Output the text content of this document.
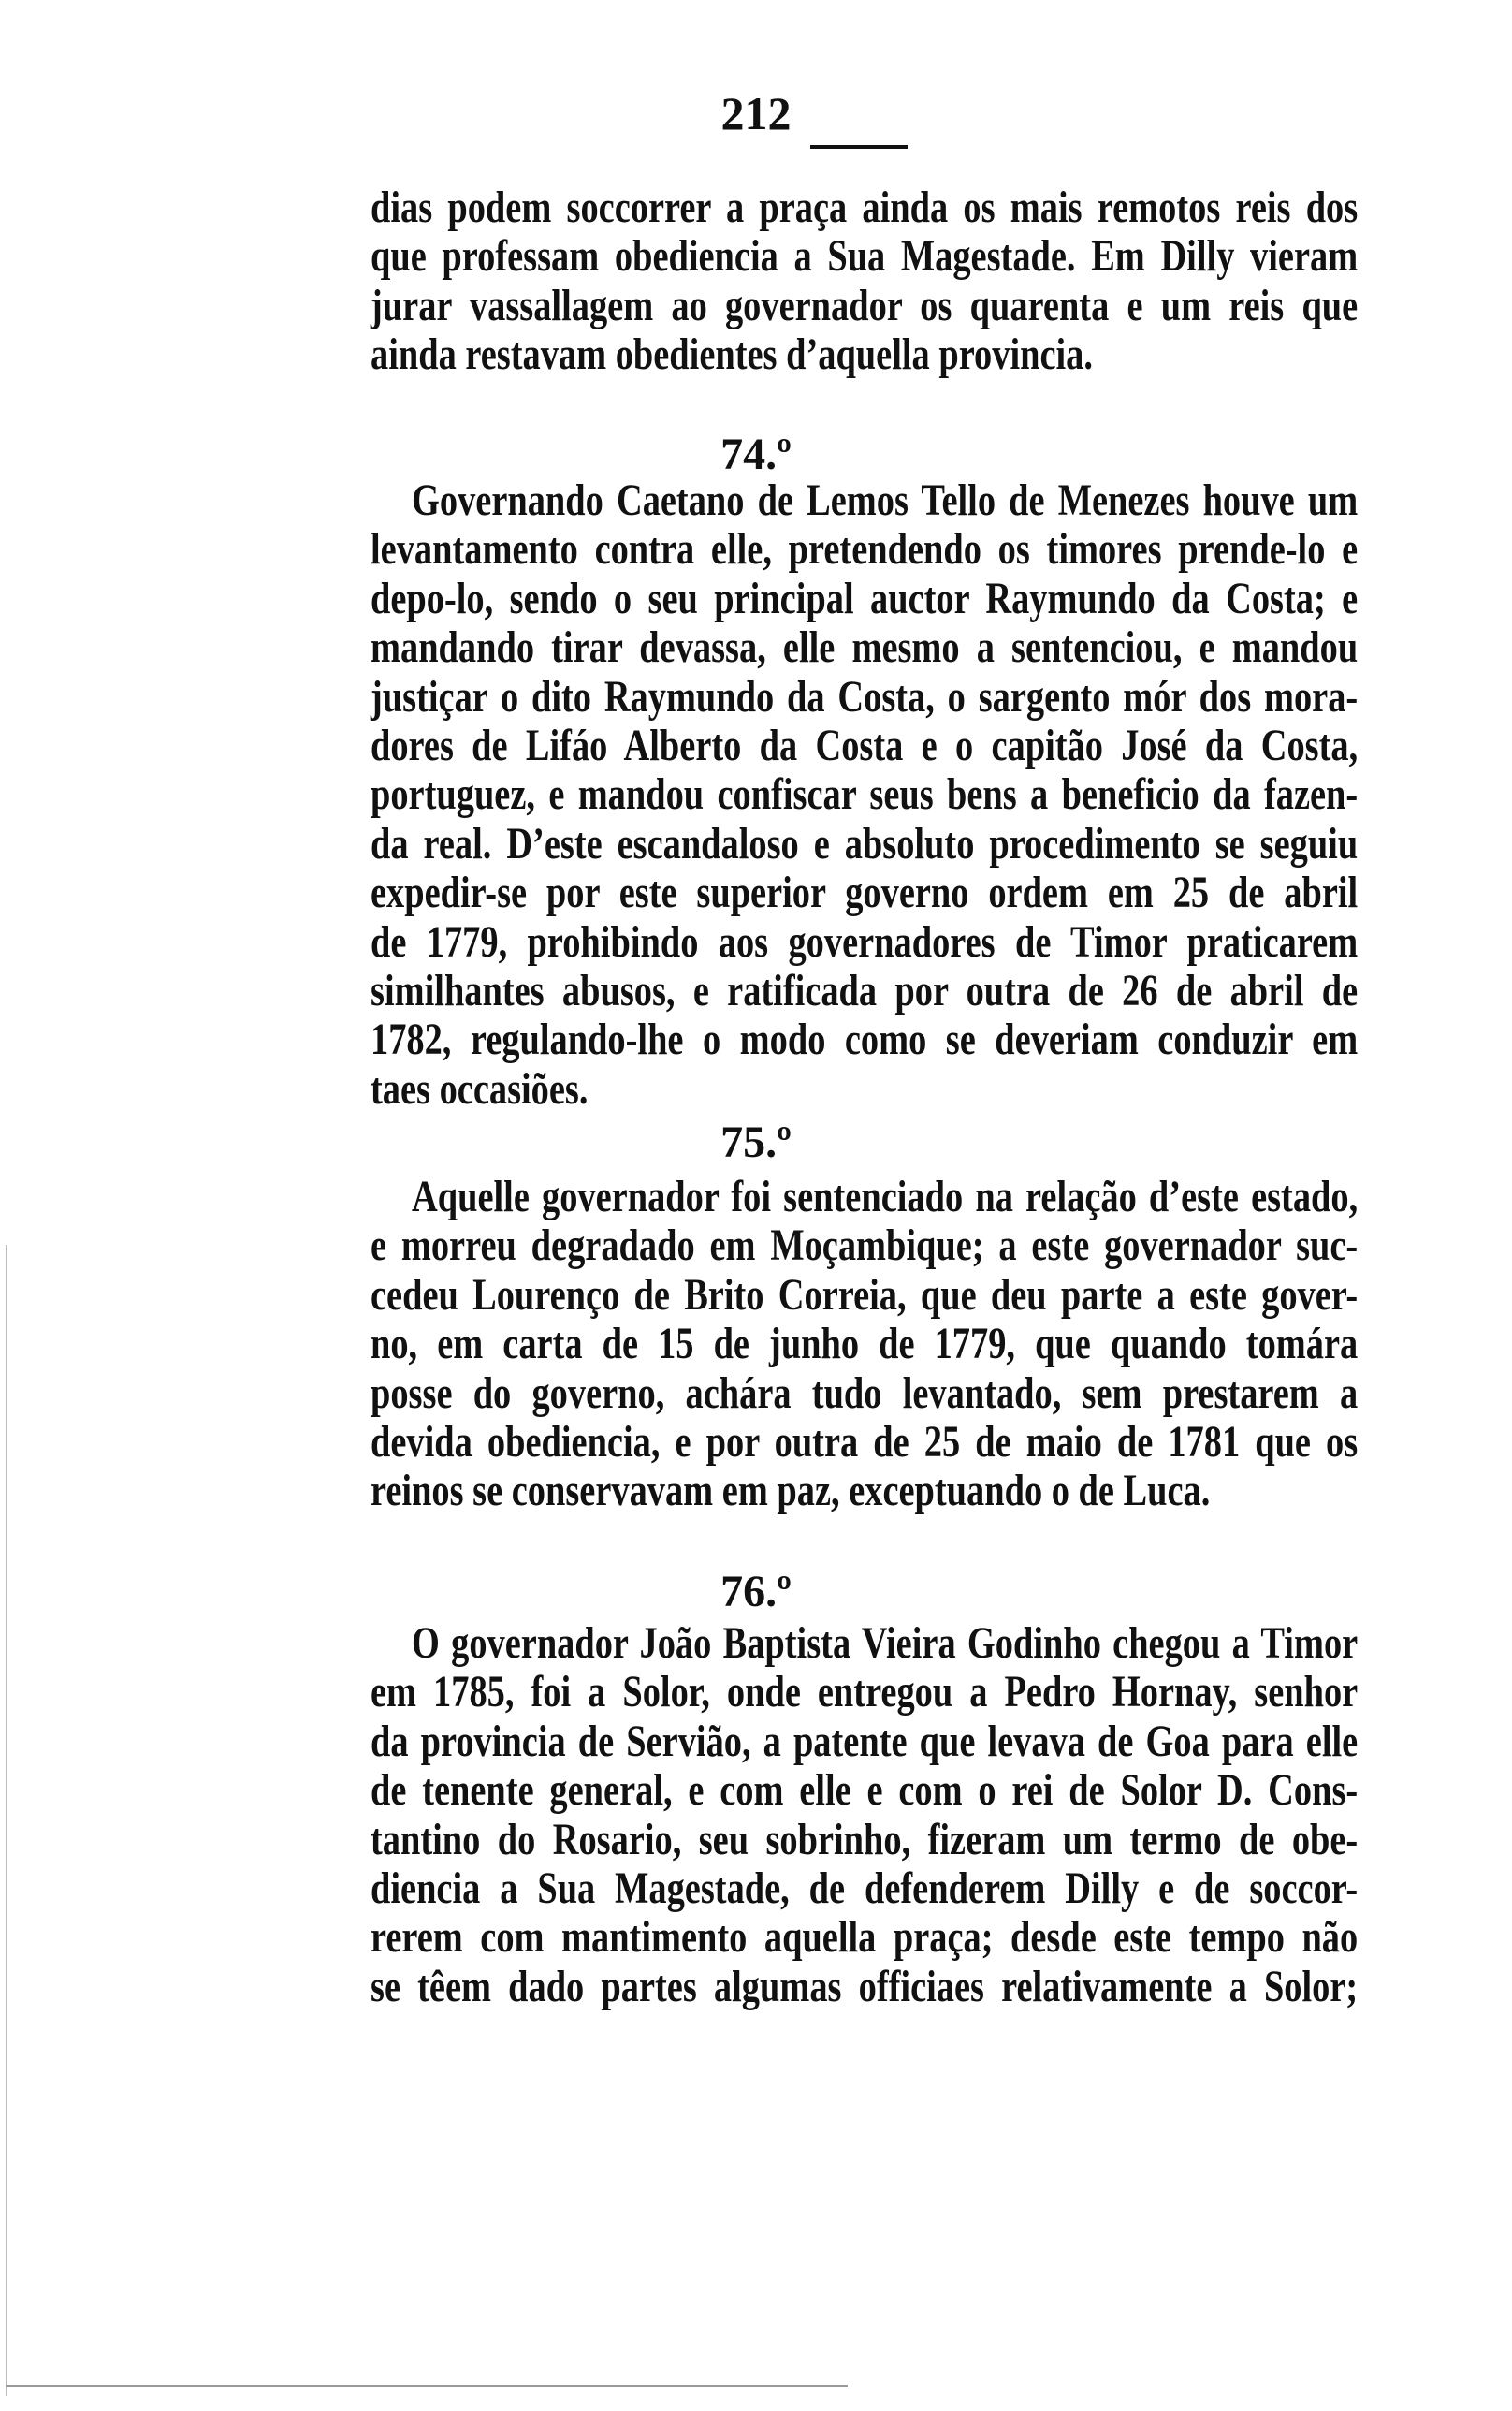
212
dias podem soccorrer a praça ainda os mais remotos reis dos
que professam obediencia a Sua Magestade. Em Dilly vieram
jurar vassallagem ao governador os quarenta e um reis que
ainda restavam obedientes d’aquella provincia.
74.º
Governando Caetano de Lemos Tello de Menezes houve um
levantamento contra elle, pretendendo os timores prende-lo e
depo-lo, sendo o seu principal auctor Raymundo da Costa; e
mandando tirar devassa, elle mesmo a sentenciou, e mandou
justiçar o dito Raymundo da Costa, o sargento mór dos mora-
dores de Lifáo Alberto da Costa e o capitão José da Costa,
portuguez, e mandou confiscar seus bens a beneficio da fazen-
da real. D’este escandaloso e absoluto procedimento se seguiu
expedir-se por este superior governo ordem em 25 de abril
de 1779, prohibindo aos governadores de Timor praticarem
similhantes abusos, e ratificada por outra de 26 de abril de
1782, regulando-lhe o modo como se deveriam conduzir em
taes occasiões.
75.º
Aquelle governador foi sentenciado na relação d’este estado,
e morreu degradado em Moçambique; a este governador suc-
cedeu Lourenço de Brito Correia, que deu parte a este gover-
no, em carta de 15 de junho de 1779, que quando tomára
posse do governo, achára tudo levantado, sem prestarem a
devida obediencia, e por outra de 25 de maio de 1781 que os
reinos se conservavam em paz, exceptuando o de Luca.
76.º
O governador João Baptista Vieira Godinho chegou a Timor
em 1785, foi a Solor, onde entregou a Pedro Hornay, senhor
da provincia de Servião, a patente que levava de Goa para elle
de tenente general, e com elle e com o rei de Solor D. Cons-
tantino do Rosario, seu sobrinho, fizeram um termo de obe-
diencia a Sua Magestade, de defenderem Dilly e de soccor-
rerem com mantimento aquella praça; desde este tempo não
se têem dado partes algumas officiaes relativamente a Solor;
